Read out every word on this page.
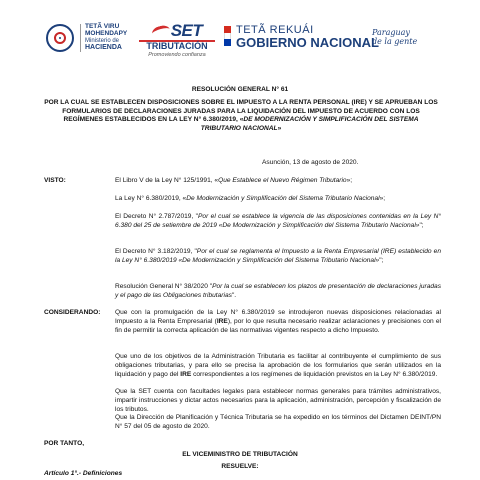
TETÃ VIRU
MOHENDAPY
Ministerio de
HACIENDA
SET
TRIBUTACIÓN
Promoviendo confianza
TETÃ REKUÁI
GOBIERNO NACIONAL
Paraguay
de la gente
RESOLUCIÓN GENERAL N° 61
POR LA CUAL SE ESTABLECEN DISPOSICIONES SOBRE EL IMPUESTO A LA RENTA PERSONAL (IRE) Y SE APRUEBAN LOS FORMULARIOS DE DECLARACIONES JURADAS PARA LA LIQUIDACIÓN DEL IMPUESTO DE ACUERDO CON LOS REGÍMENES ESTABLECIDOS EN LA LEY N° 6.380/2019, «DE MODERNIZACIÓN Y SIMPLIFICACIÓN DEL SISTEMA TRIBUTARIO NACIONAL»
Asunción, 13 de agosto de 2020.
VISTO:	El Libro V de la Ley N° 125/1991, «Que Establece el Nuevo Régimen Tributario»;

La Ley N° 6.380/2019, «De Modernización y Simplificación del Sistema Tributario Nacional»;

El Decreto N° 2.787/2019, "Por el cual se establece la vigencia de las disposiciones contenidas en la Ley N° 6.380 del 25 de setiembre de 2019 «De Modernización y Simplificación del Sistema Tributario Nacional»";

El Decreto N° 3.182/2019, "Por el cual se reglamenta el Impuesto a la Renta Empresarial (IRE) establecido en la Ley N° 6.380/2019 «De Modernización y Simplificación del Sistema Tributario Nacional»";

Resolución General N° 38/2020 "Por la cual se establecen los plazos de presentación de declaraciones juradas y el pago de las Obligaciones tributarias".

CONSIDERANDO: Que con la promulgación de la Ley N° 6.380/2019 se introdujeron nuevas disposiciones relacionadas al Impuesto a la Renta Empresarial (IRE), por lo que resulta necesario realizar aclaraciones y precisiones con el fin de permitir la correcta aplicación de las normativas vigentes respecto a dicho Impuesto.

Que uno de los objetivos de la Administración Tributaria es facilitar al contribuyente el cumplimiento de sus obligaciones tributarias, y para ello se precisa la aprobación de los formularios que serán utilizados en la liquidación y pago del IRE correspondientes a los regímenes de liquidación previstos en la Ley N° 6.380/2019.

Que la SET cuenta con facultades legales para establecer normas generales para trámites administrativos, impartir instrucciones y dictar actos necesarios para la aplicación, administración, percepción y fiscalización de los tributos.

Que la Dirección de Planificación y Técnica Tributaria se ha expedido en los términos del Dictamen DEINT/PN N° 57 del 05 de agosto de 2020.

POR TANTO,
EL VICEMINISTRO DE TRIBUTACIÓN
RESUELVE:
Artículo 1°.- Definiciones
